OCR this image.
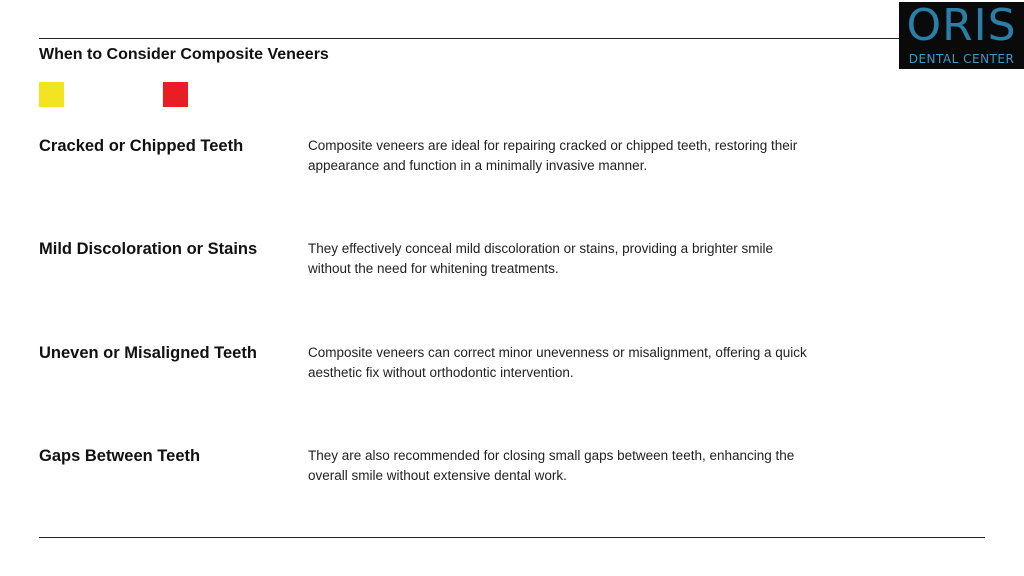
ORIS
DENTAL CENTER
When to Consider Composite Veneers
Cracked or Chipped Teeth	Composite veneers are ideal for repairing cracked or chipped teeth, restoring their appearance and function in a minimally invasive manner.
Mild Discoloration or Stains	They effectively conceal mild discoloration or stains, providing a brighter smile without the need for whitening treatments.
Uneven or Misaligned Teeth	Composite veneers can correct minor unevenness or misalignment, offering a quick aesthetic fix without orthodontic intervention.
Gaps Between Teeth	They are also recommended for closing small gaps between teeth, enhancing the overall smile without extensive dental work.
